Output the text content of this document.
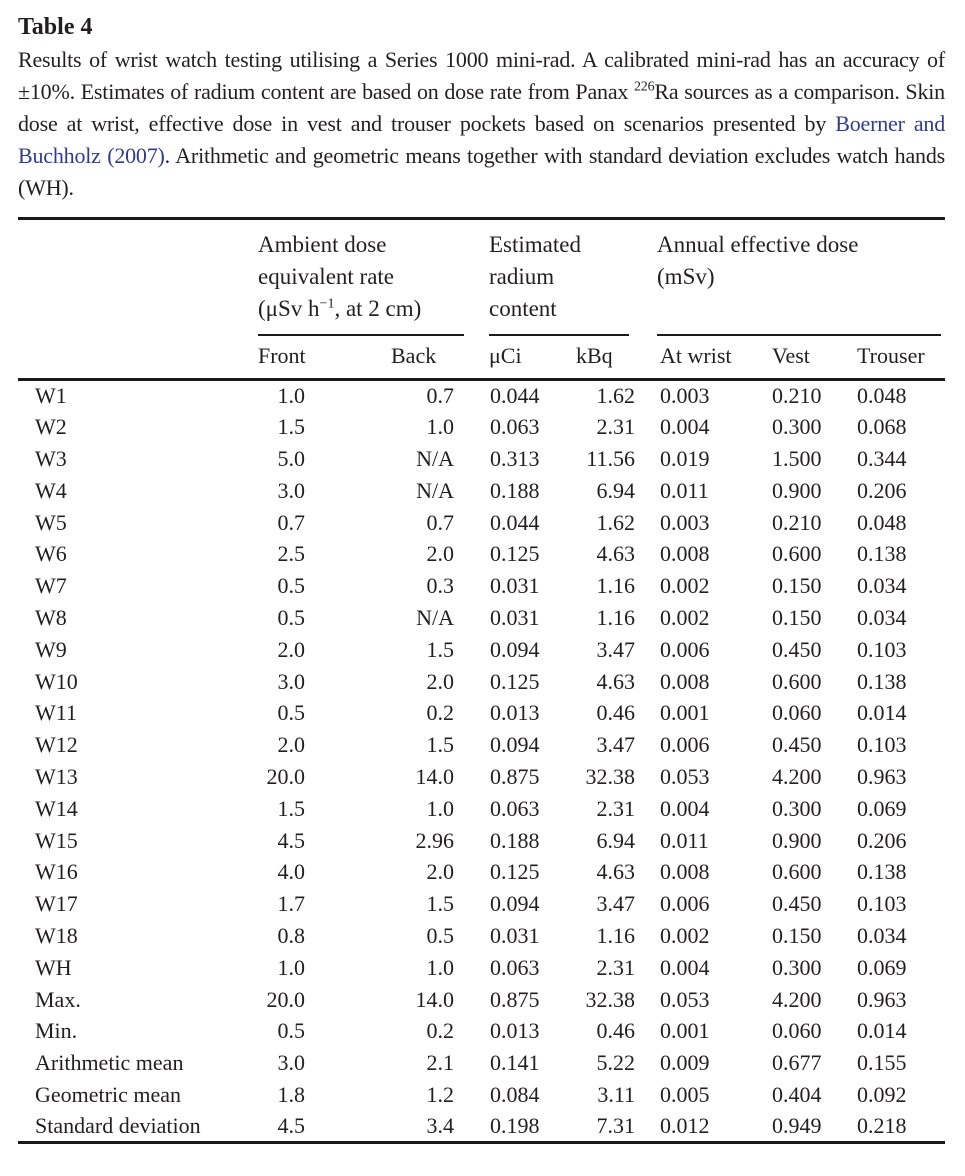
Table 4

Results of wrist watch testing utilising a Series 1000 mini-rad. A calibrated mini-rad has an accuracy of ±10%. Estimates of radium content are based on dose rate from Panax $^{226}$Ra sources as a comparison. Skin dose at wrist, effective dose in vest and trouser pockets based on scenarios presented by Boerner and Buchholz (2007). Arithmetic and geometric means together with standard deviation excludes watch hands (WH).

	Ambient dose
equivalent rate
(μSv $h^{-1}$, at 2 cm)		Estimated
radium
content		Annual effective dose
(mSv)		

	Front	Back	μCi	kBq	At wrist	Vest	Trouser
W1	1.0	0.7	0.044	1.62	0.003	0.210	0.048
W2	1.5	1.0	0.063	2.31	0.004	0.300	0.068
W3	5.0	N/A	0.313	11.56	0.019	1.500	0.344
W4	3.0	N/A	0.188	6.94	0.011	0.900	0.206
W5	0.7	0.7	0.044	1.62	0.003	0.210	0.048
W6	2.5	2.0	0.125	4.63	0.008	0.600	0.138
W7	0.5	0.3	0.031	1.16	0.002	0.150	0.034
W8	0.5	N/A	0.031	1.16	0.002	0.150	0.034
W9	2.0	1.5	0.094	3.47	0.006	0.450	0.103
W10	3.0	2.0	0.125	4.63	0.008	0.600	0.138
W11	0.5	0.2	0.013	0.46	0.001	0.060	0.014
W12	2.0	1.5	0.094	3.47	0.006	0.450	0.103
W13	20.0	14.0	0.875	32.38	0.053	4.200	0.963
W14	1.5	1.0	0.063	2.31	0.004	0.300	0.069
W15	4.5	2.96	0.188	6.94	0.011	0.900	0.206
W16	4.0	2.0	0.125	4.63	0.008	0.600	0.138
W17	1.7	1.5	0.094	3.47	0.006	0.450	0.103
W18	0.8	0.5	0.031	1.16	0.002	0.150	0.034
WH	1.0	1.0	0.063	2.31	0.004	0.300	0.069
Max.	20.0	14.0	0.875	32.38	0.053	4.200	0.963
Min.	0.5	0.2	0.013	0.46	0.001	0.060	0.014
Arithmetic mean	3.0	2.1	0.141	5.22	0.009	0.677	0.155
Geometric mean	1.8	1.2	0.084	3.11	0.005	0.404	0.092
Standard deviation	4.5	3.4	0.198	7.31	0.012	0.949	0.218
